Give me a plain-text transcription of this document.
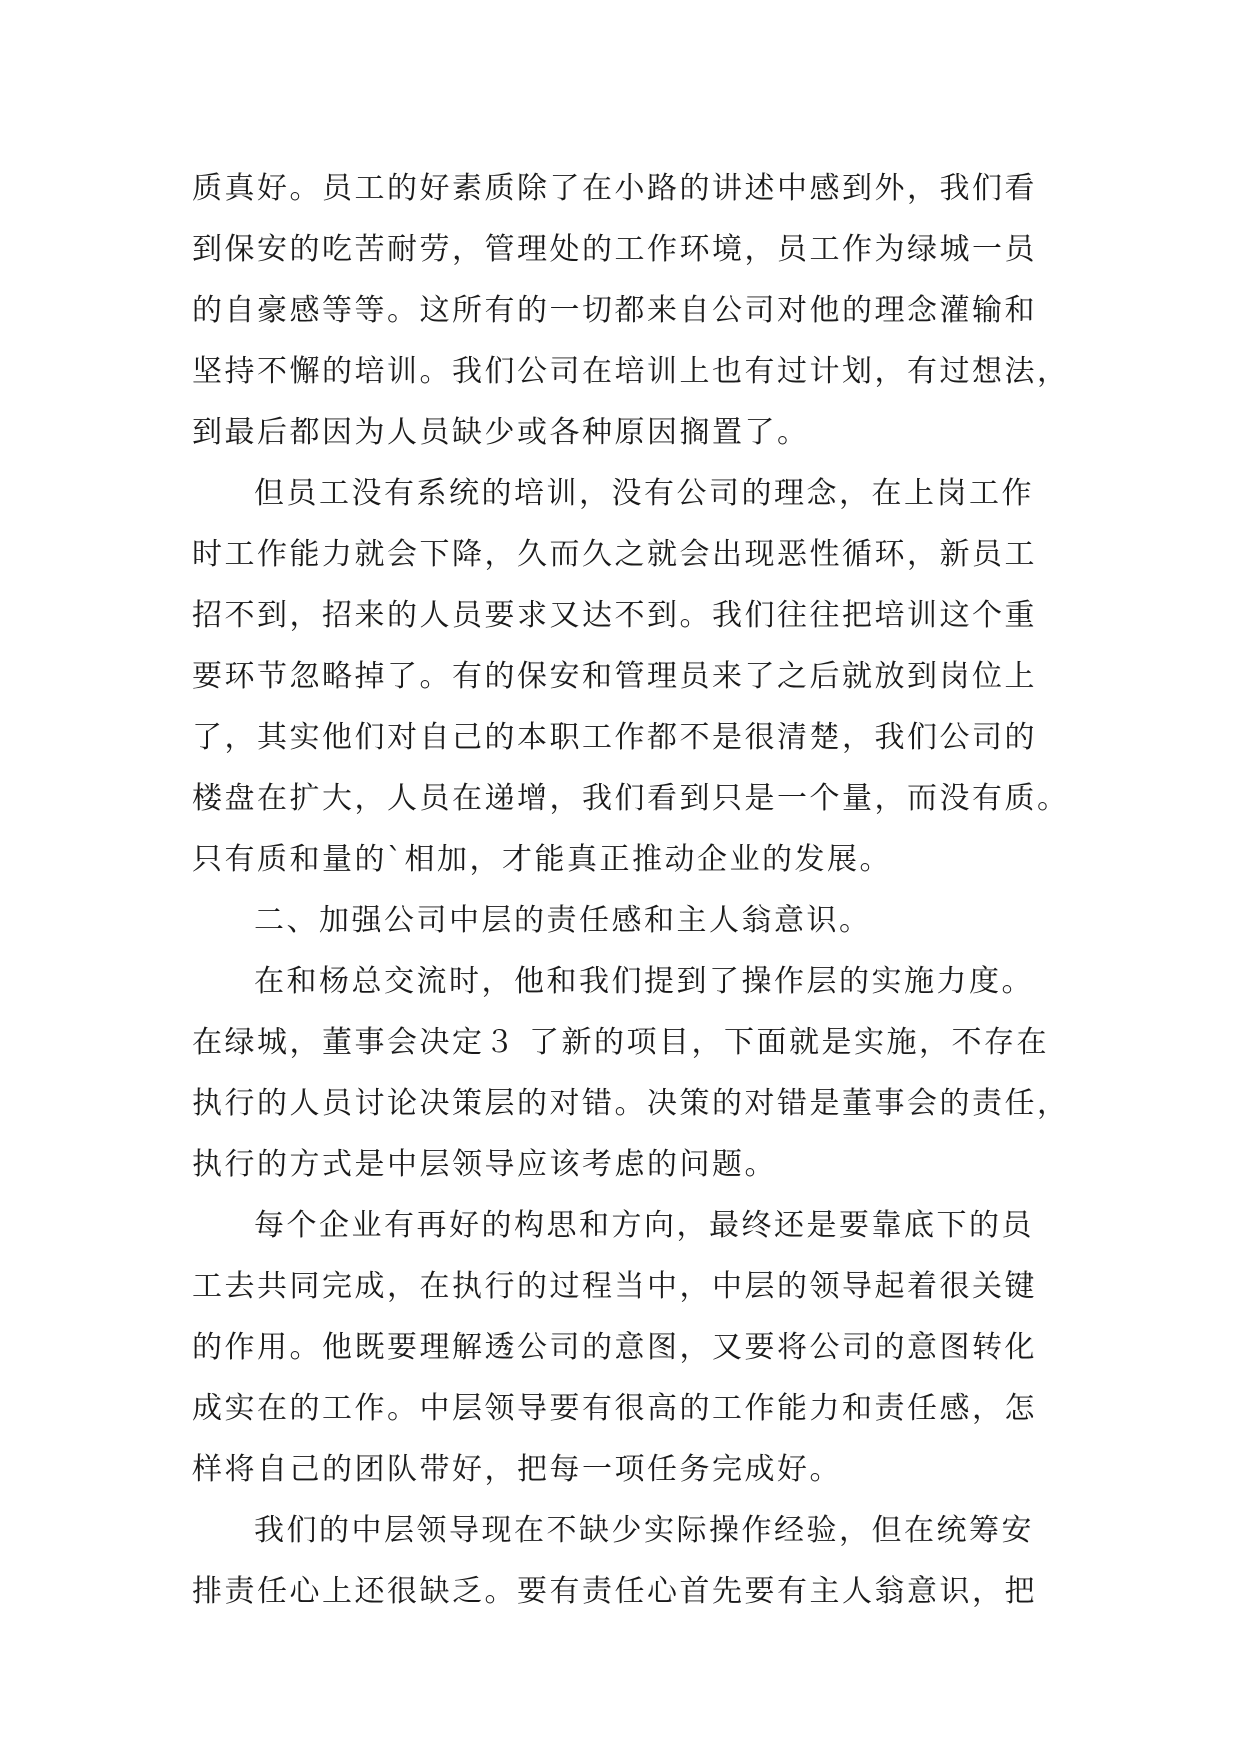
质真好。员工的好素质除了在小路的讲述中感到外，我们看
到保安的吃苦耐劳，管理处的工作环境，员工作为绿城一员
的自豪感等等。这所有的一切都来自公司对他的理念灌输和
坚持不懈的培训。我们公司在培训上也有过计划，有过想法，
到最后都因为人员缺少或各种原因搁置了。
但员工没有系统的培训，没有公司的理念，在上岗工作
时工作能力就会下降，久而久之就会出现恶性循环，新员工
招不到，招来的人员要求又达不到。我们往往把培训这个重
要环节忽略掉了。有的保安和管理员来了之后就放到岗位上
了，其实他们对自己的本职工作都不是很清楚，我们公司的
楼盘在扩大，人员在递增，我们看到只是一个量，而没有质。
只有质和量的`相加，才能真正推动企业的发展。
二、加强公司中层的责任感和主人翁意识。
在和杨总交流时，他和我们提到了操作层的实施力度。
在绿城，董事会决定３ 了新的项目，下面就是实施，不存在
执行的人员讨论决策层的对错。决策的对错是董事会的责任，
执行的方式是中层领导应该考虑的问题。
每个企业有再好的构思和方向，最终还是要靠底下的员
工去共同完成，在执行的过程当中，中层的领导起着很关键
的作用。他既要理解透公司的意图，又要将公司的意图转化
成实在的工作。中层领导要有很高的工作能力和责任感，怎
样将自己的团队带好，把每一项任务完成好。
我们的中层领导现在不缺少实际操作经验，但在统筹安
排责任心上还很缺乏。要有责任心首先要有主人翁意识，把
